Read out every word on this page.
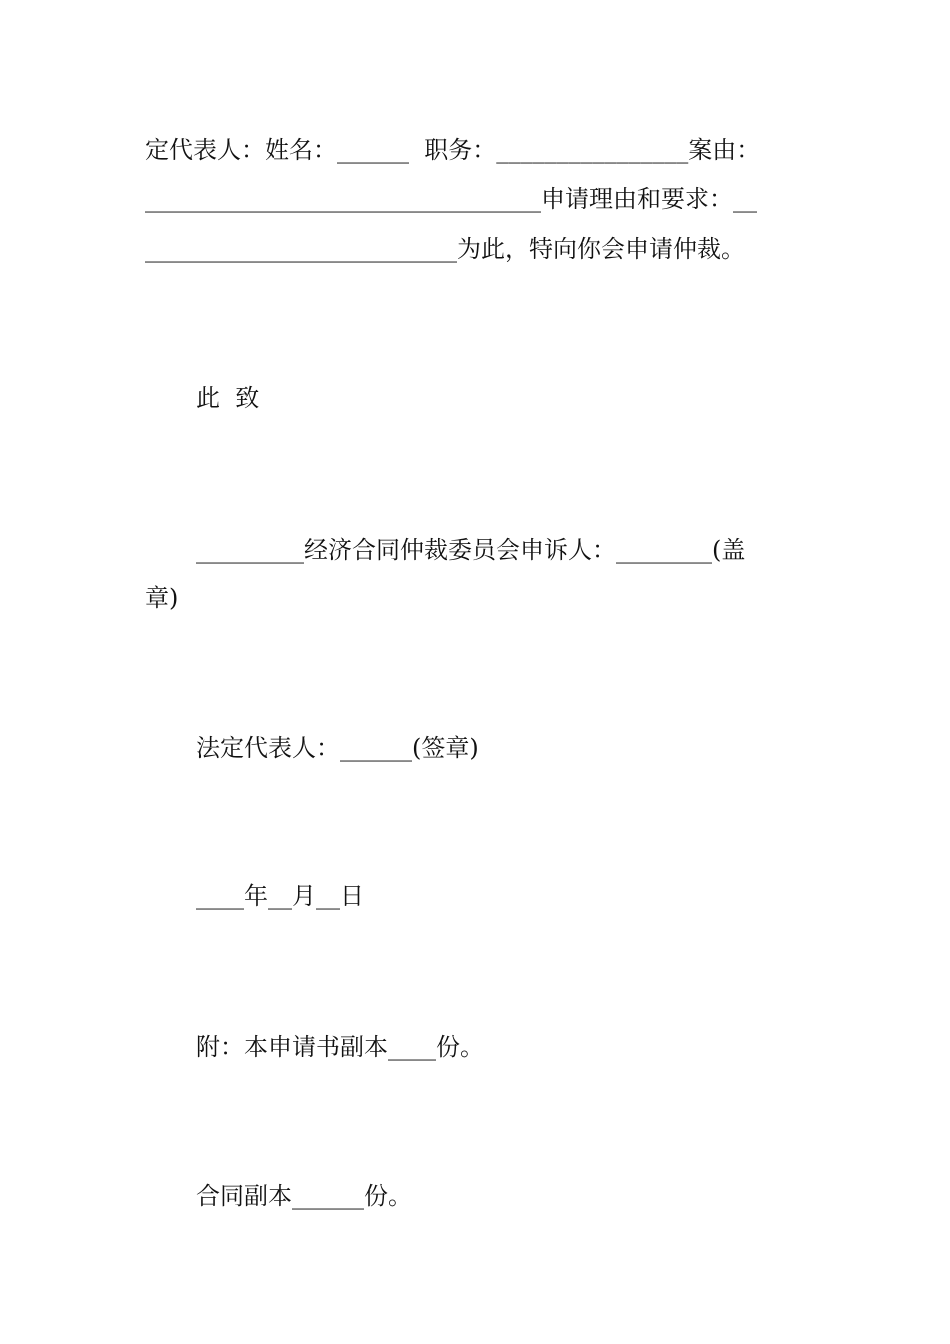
定代表人：姓名：______  职务：________________案由：

_________________________________申请理由和要求：__

__________________________为此，特向你会申请仲裁。

此  致

_________经济合同仲裁委员会申诉人：________(盖

章)

法定代表人：______(签章)

____年__月__日

附：本申请书副本____份。

合同副本______份。
